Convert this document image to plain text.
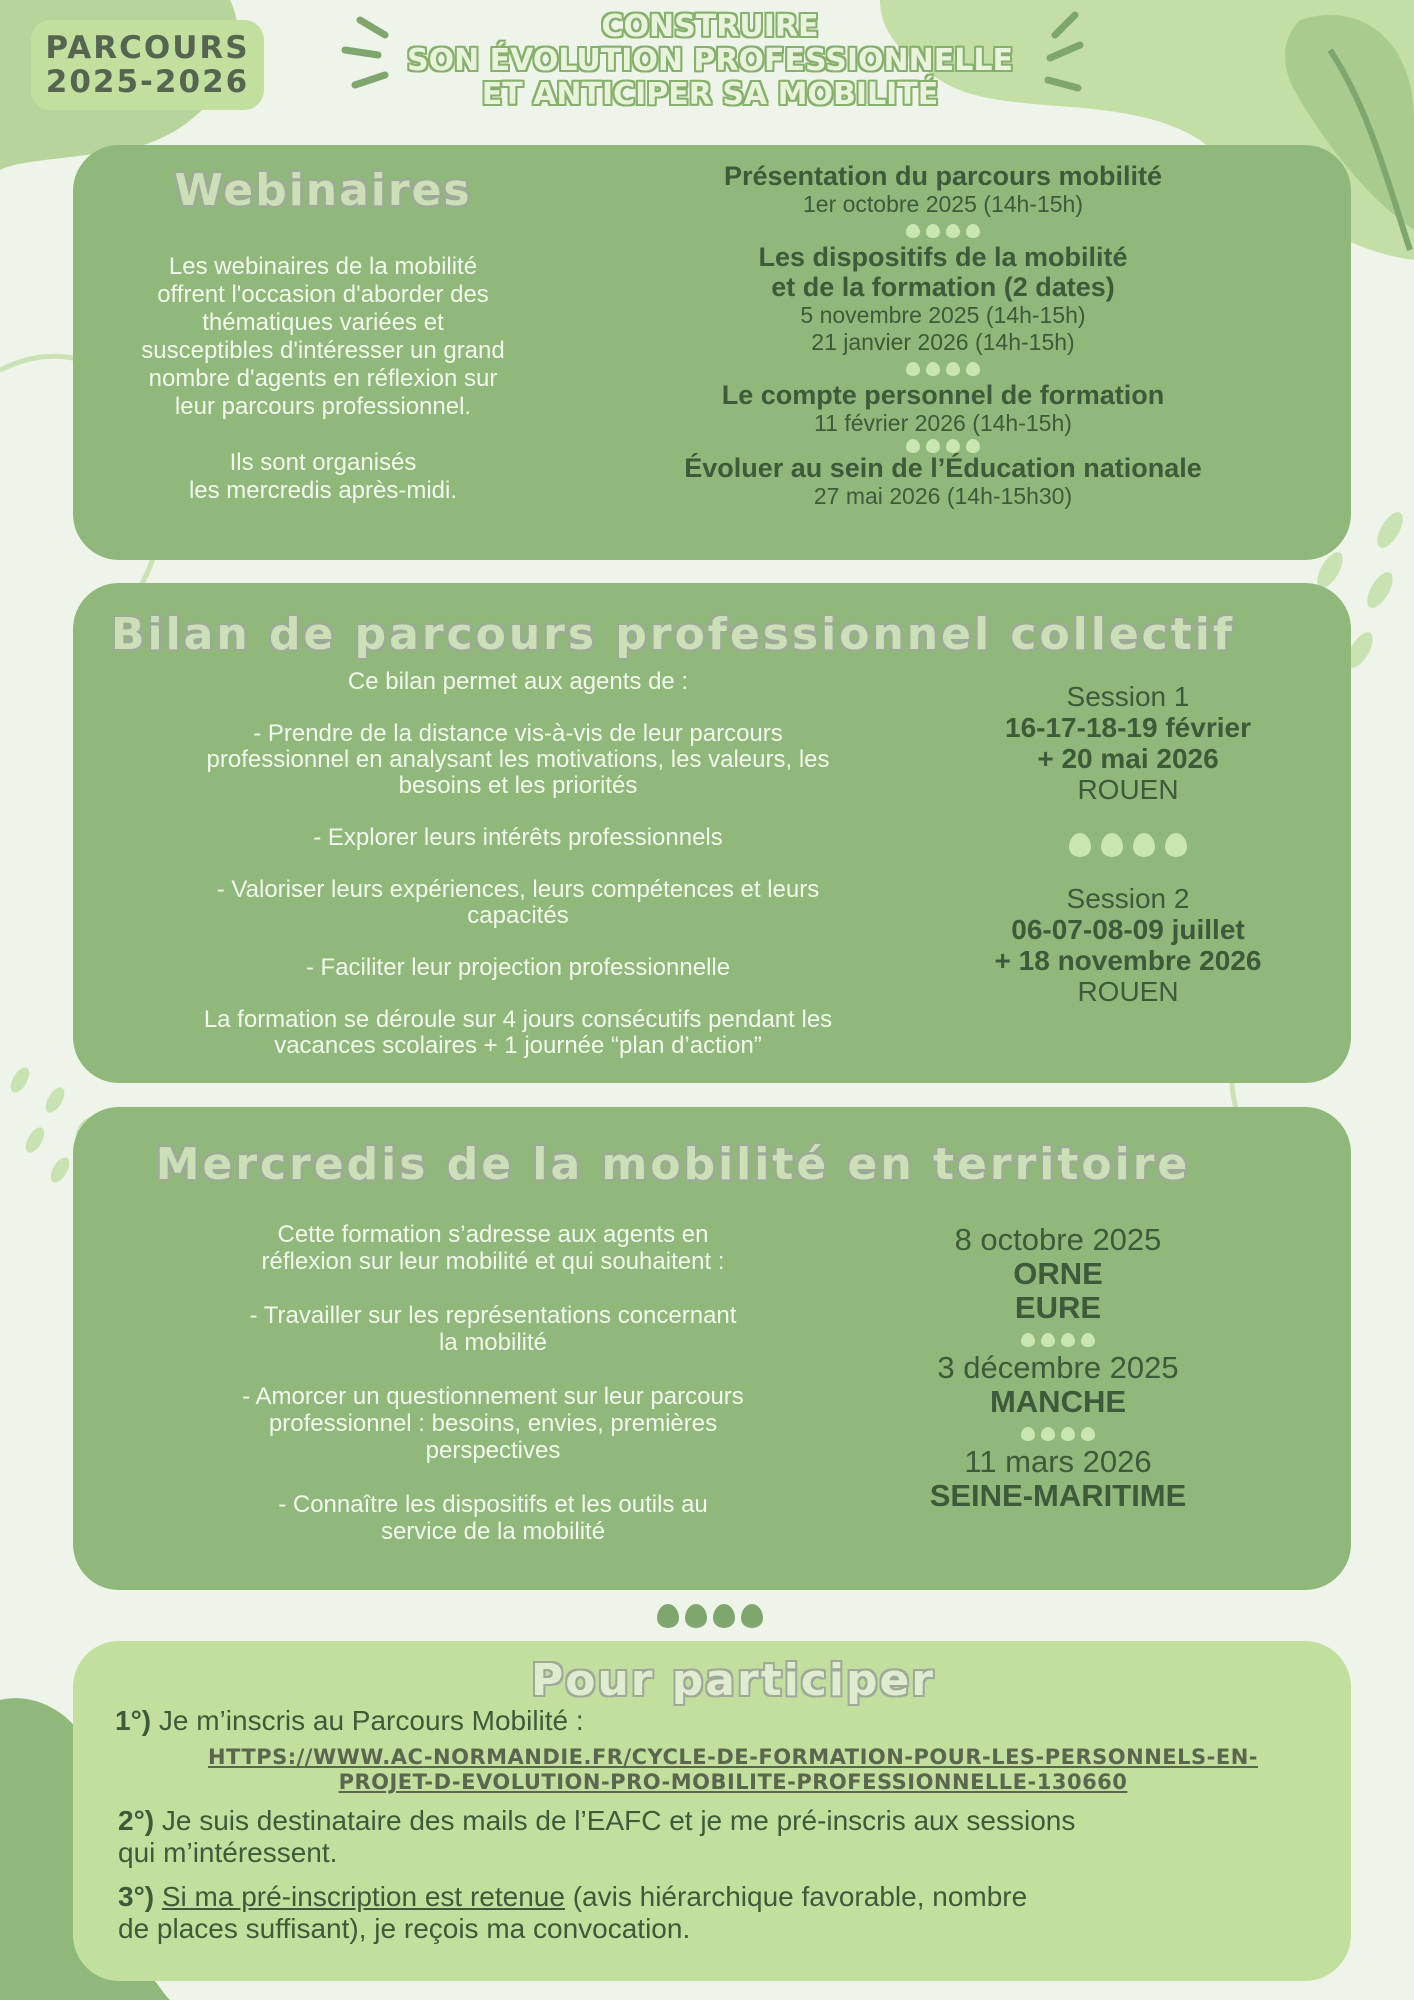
PARCOURS
2025-2026
CONSTRUIRE
SON ÉVOLUTION PROFESSIONNELLE
ET ANTICIPER SA MOBILITÉ
Webinaires
Les webinaires de la mobilité
offrent l'occasion d'aborder des
thématiques variées et
susceptibles d'intéresser un grand
nombre d'agents en réflexion sur
leur parcours professionnel.
Ils sont organisés
les mercredis après-midi.
Présentation du parcours mobilité
1er octobre 2025 (14h-15h)
Les dispositifs de la mobilité
et de la formation (2 dates)
5 novembre 2025 (14h-15h)
21 janvier 2026 (14h-15h)
Le compte personnel de formation
11 février 2026 (14h-15h)
Évoluer au sein de l’Éducation nationale
27 mai 2026 (14h-15h30)
Bilan de parcours professionnel collectif
Ce bilan permet aux agents de :
- Prendre de la distance vis-à-vis de leur parcours
professionnel en analysant les motivations, les valeurs, les
besoins et les priorités
- Explorer leurs intérêts professionnels
- Valoriser leurs expériences, leurs compétences et leurs
capacités
- Faciliter leur projection professionnelle
La formation se déroule sur 4 jours consécutifs pendant les
vacances scolaires + 1 journée “plan d’action”
Session 1
16-17-18-19 février
+ 20 mai 2026
ROUEN
Session 2
06-07-08-09 juillet
+ 18 novembre 2026
ROUEN
Mercredis de la mobilité en territoire
Cette formation s’adresse aux agents en
réflexion sur leur mobilité et qui souhaitent :
- Travailler sur les représentations concernant
la mobilité
- Amorcer un questionnement sur leur parcours
professionnel : besoins, envies, premières
perspectives
- Connaître les dispositifs et les outils au
service de la mobilité
8 octobre 2025
ORNE
EURE
3 décembre 2025
MANCHE
11 mars 2026
SEINE-MARITIME
Pour participer
1°) Je m’inscris au Parcours Mobilité :
HTTPS://WWW.AC-NORMANDIE.FR/CYCLE-DE-FORMATION-POUR-LES-PERSONNELS-EN-
PROJET-D-EVOLUTION-PRO-MOBILITE-PROFESSIONNELLE-130660
2°) Je suis destinataire des mails de l’EAFC et je me pré-inscris aux sessions
qui m’intéressent.
3°) Si ma pré-inscription est retenue (avis hiérarchique favorable, nombre
de places suffisant), je reçois ma convocation.
